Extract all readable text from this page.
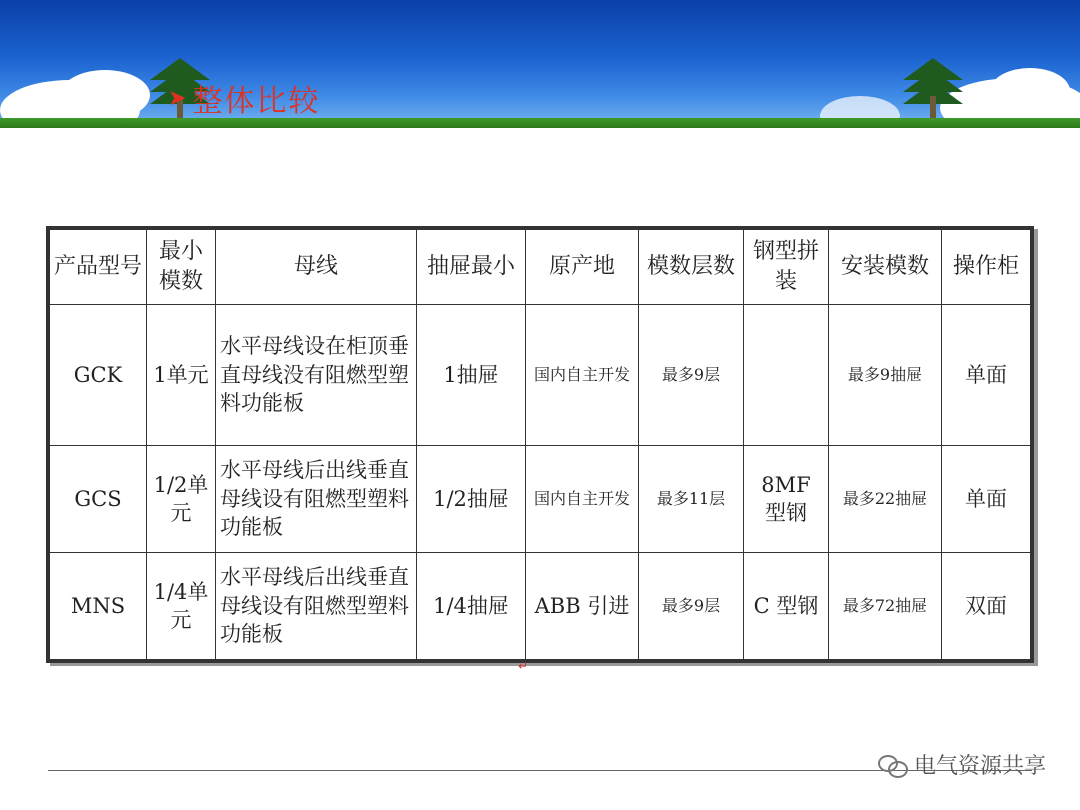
➤ 整体比较
产品型号	最小模数	母线	抽屉最小	原产地	模数层数	钢型拼装	安装模数	操作柜
GCK	1单元	水平母线设在柜顶垂直母线没有阻燃型塑料功能板	1抽屉	国内自主开发	最多9层		最多9抽屉	单面
GCS	1/2单元	水平母线后出线垂直母线设有阻燃型塑料功能板	1/2抽屉	国内自主开发	最多11层	8MF 型钢	最多22抽屉	单面
MNS	1/4单元	水平母线后出线垂直母线设有阻燃型塑料功能板	1/4抽屉	ABB 引进	最多9层	C 型钢	最多72抽屉	双面
↵
电气资源共享
